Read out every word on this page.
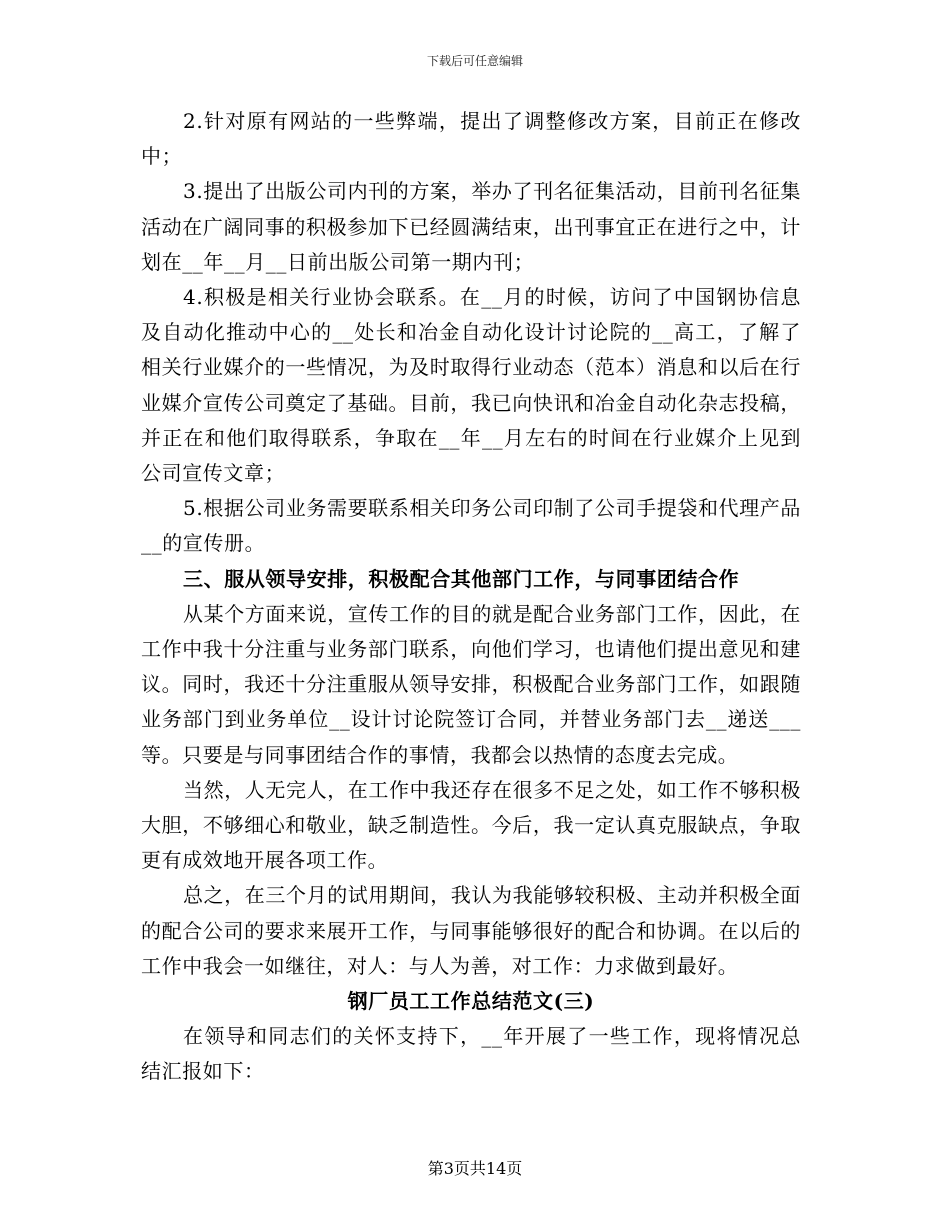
下载后可任意编辑

2.针对原有网站的一些弊端，提出了调整修改方案，目前正在修改中；

3.提出了出版公司内刊的方案，举办了刊名征集活动，目前刊名征集活动在广阔同事的积极参加下已经圆满结束，出刊事宜正在进行之中，计划在__年__月__日前出版公司第一期内刊；

4.积极是相关行业协会联系。在__月的时候，访问了中国钢协信息及自动化推动中心的__处长和冶金自动化设计讨论院的__高工，了解了相关行业媒介的一些情况，为及时取得行业动态（范本）消息和以后在行业媒介宣传公司奠定了基础。目前，我已向快讯和冶金自动化杂志投稿，并正在和他们取得联系，争取在__年__月左右的时间在行业媒介上见到公司宣传文章；

5.根据公司业务需要联系相关印务公司印制了公司手提袋和代理产品__的宣传册。

三、服从领导安排，积极配合其他部门工作，与同事团结合作

从某个方面来说，宣传工作的目的就是配合业务部门工作，因此，在工作中我十分注重与业务部门联系，向他们学习，也请他们提出意见和建议。同时，我还十分注重服从领导安排，积极配合业务部门工作，如跟随业务部门到业务单位__设计讨论院签订合同，并替业务部门去__递送___等。只要是与同事团结合作的事情，我都会以热情的态度去完成。

当然，人无完人，在工作中我还存在很多不足之处，如工作不够积极大胆，不够细心和敬业，缺乏制造性。今后，我一定认真克服缺点，争取更有成效地开展各项工作。

总之，在三个月的试用期间，我认为我能够较积极、主动并积极全面的配合公司的要求来展开工作，与同事能够很好的配合和协调。在以后的工作中我会一如继往，对人：与人为善，对工作：力求做到最好。

钢厂员工工作总结范文(三)

在领导和同志们的关怀支持下，__年开展了一些工作，现将情况总结汇报如下：

第3页共14页
